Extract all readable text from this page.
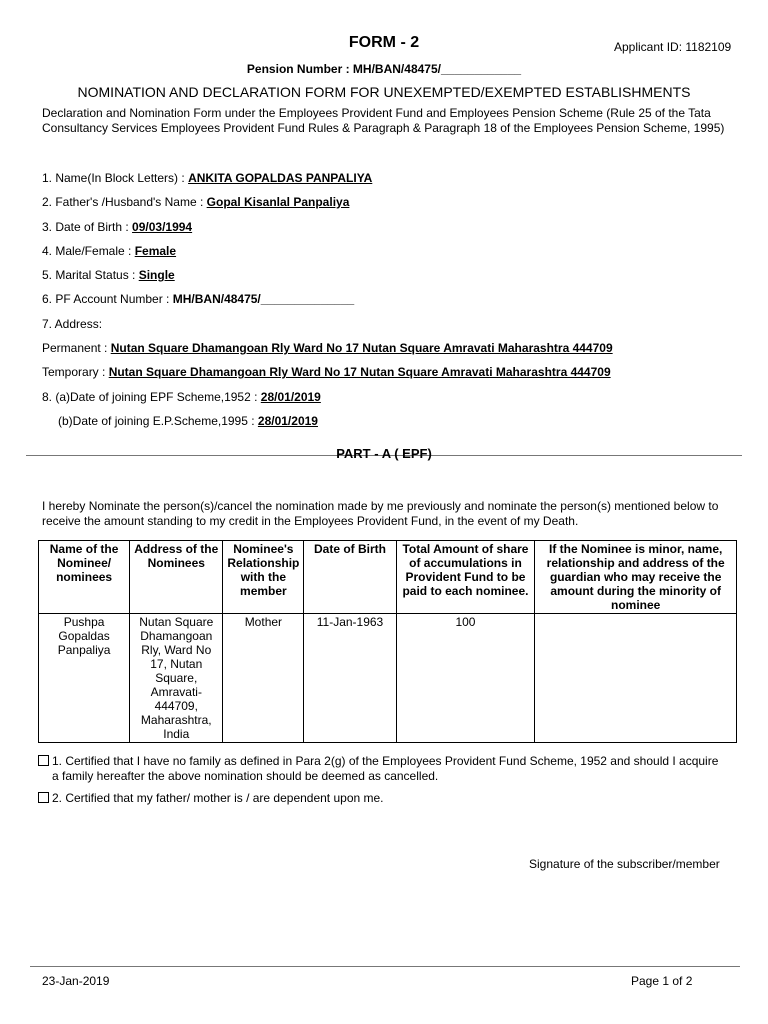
FORM - 2	Applicant ID: 1182109
Pension Number : MH/BAN/48475/____________
NOMINATION AND DECLARATION FORM FOR UNEXEMPTED/EXEMPTED ESTABLISHMENTS
Declaration and Nomination Form under the Employees Provident Fund and Employees Pension Scheme (Rule 25 of the Tata Consultancy Services Employees Provident Fund Rules & Paragraph & Paragraph 18 of the Employees Pension Scheme, 1995)
1. Name(In Block Letters) : ANKITA GOPALDAS PANPALIYA
2. Father's /Husband's Name : Gopal Kisanlal Panpaliya
3. Date of Birth : 09/03/1994
4. Male/Female : Female
5. Marital Status : Single
6. PF Account Number : MH/BAN/48475/______________
7. Address:
Permanent : Nutan Square Dhamangoan Rly Ward No 17 Nutan Square Amravati Maharashtra 444709
Temporary : Nutan Square Dhamangoan Rly Ward No 17 Nutan Square Amravati Maharashtra 444709
8. (a)Date of joining EPF Scheme,1952 : 28/01/2019
(b)Date of joining E.P.Scheme,1995 : 28/01/2019
PART - A ( EPF)
I hereby Nominate the person(s)/cancel the nomination made by me previously and nominate the person(s) mentioned below to receive the amount standing to my credit in the Employees Provident Fund, in the event of my Death.
Name of the Nominee/ nominees	Address of the Nominees	Nominee's Relationship with the member	Date of Birth	Total Amount of share of accumulations in Provident Fund to be paid to each nominee.	If the Nominee is minor, name, relationship and address of the guardian who may receive the amount during the minority of nominee
Pushpa Gopaldas Panpaliya	Nutan Square Dhamangoan Rly, Ward No 17, Nutan Square, Amravati-444709, Maharashtra, India	Mother	11-Jan-1963	100	
1. Certified that I have no family as defined in Para 2(g) of the Employees Provident Fund Scheme, 1952 and should I acquire a family hereafter the above nomination should be deemed as cancelled.
2. Certified that my father/ mother is / are dependent upon me.
Signature of the subscriber/member
23-Jan-2019	Page 1 of 2
